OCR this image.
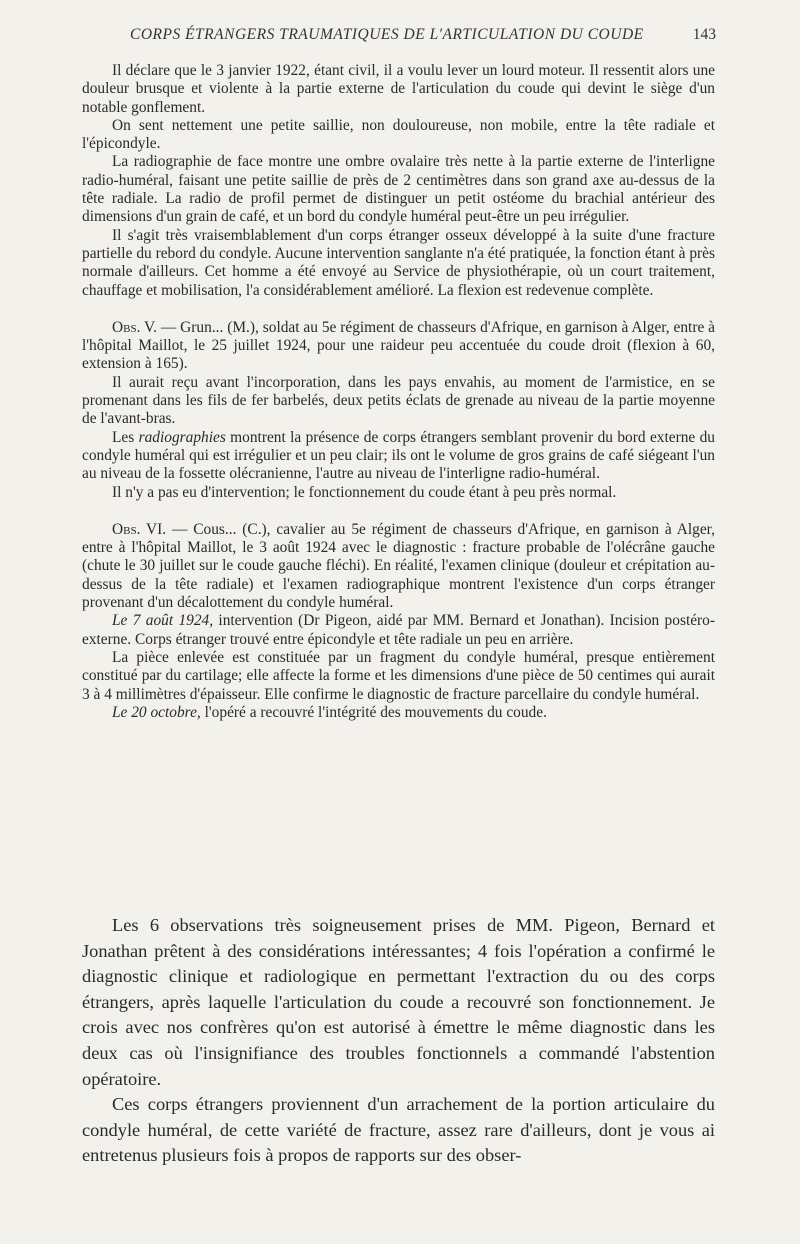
CORPS ÉTRANGERS TRAUMATIQUES DE L'ARTICULATION DU COUDE	143

Il déclare que le 3 janvier 1922, étant civil, il a voulu lever un lourd moteur. Il ressentit alors une douleur brusque et violente à la partie externe de l'articulation du coude qui devint le siège d'un notable gonflement.

On sent nettement une petite saillie, non douloureuse, non mobile, entre la tête radiale et l'épicondyle.

La radiographie de face montre une ombre ovalaire très nette à la partie externe de l'interligne radio-huméral, faisant une petite saillie de près de 2 centimètres dans son grand axe au-dessus de la tête radiale. La radio de profil permet de distinguer un petit ostéome du brachial antérieur des dimensions d'un grain de café, et un bord du condyle huméral peut-être un peu irrégulier.

Il s'agit très vraisemblablement d'un corps étranger osseux développé à la suite d'une fracture partielle du rebord du condyle. Aucune intervention sanglante n'a été pratiquée, la fonction étant à près normale d'ailleurs. Cet homme a été envoyé au Service de physiothérapie, où un court traitement, chauffage et mobilisation, l'a considérablement amélioré. La flexion est redevenue complète.

Obs. V. — Grun... (M.), soldat au 5e régiment de chasseurs d'Afrique, en garnison à Alger, entre à l'hôpital Maillot, le 25 juillet 1924, pour une raideur peu accentuée du coude droit (flexion à 60, extension à 165).

Il aurait reçu avant l'incorporation, dans les pays envahis, au moment de l'armistice, en se promenant dans les fils de fer barbelés, deux petits éclats de grenade au niveau de la partie moyenne de l'avant-bras.

Les radiographies montrent la présence de corps étrangers semblant provenir du bord externe du condyle huméral qui est irrégulier et un peu clair; ils ont le volume de gros grains de café siégeant l'un au niveau de la fossette olécranienne, l'autre au niveau de l'interligne radio-huméral.

Il n'y a pas eu d'intervention; le fonctionnement du coude étant à peu près normal.

Obs. VI. — Cous... (C.), cavalier au 5e régiment de chasseurs d'Afrique, en garnison à Alger, entre à l'hôpital Maillot, le 3 août 1924 avec le diagnostic : fracture probable de l'olécrâne gauche (chute le 30 juillet sur le coude gauche fléchi). En réalité, l'examen clinique (douleur et crépitation au-dessus de la tête radiale) et l'examen radiographique montrent l'existence d'un corps étranger provenant d'un décalottement du condyle huméral.

Le 7 août 1924, intervention (Dr Pigeon, aidé par MM. Bernard et Jonathan). Incision postéro-externe. Corps étranger trouvé entre épicondyle et tête radiale un peu en arrière.

La pièce enlevée est constituée par un fragment du condyle huméral, presque entièrement constitué par du cartilage; elle affecte la forme et les dimensions d'une pièce de 50 centimes qui aurait 3 à 4 millimètres d'épaisseur. Elle confirme le diagnostic de fracture parcellaire du condyle huméral.

Le 20 octobre, l'opéré a recouvré l'intégrité des mouvements du coude.

Les 6 observations très soigneusement prises de MM. Pigeon, Bernard et Jonathan prêtent à des considérations intéressantes; 4 fois l'opération a confirmé le diagnostic clinique et radiologique en permettant l'extraction du ou des corps étrangers, après laquelle l'articulation du coude a recouvré son fonctionnement. Je crois avec nos confrères qu'on est autorisé à émettre le même diagnostic dans les deux cas où l'insignifiance des troubles fonctionnels a commandé l'abstention opératoire.

Ces corps étrangers proviennent d'un arrachement de la portion articulaire du condyle huméral, de cette variété de fracture, assez rare d'ailleurs, dont je vous ai entretenus plusieurs fois à propos de rapports sur des obser-
